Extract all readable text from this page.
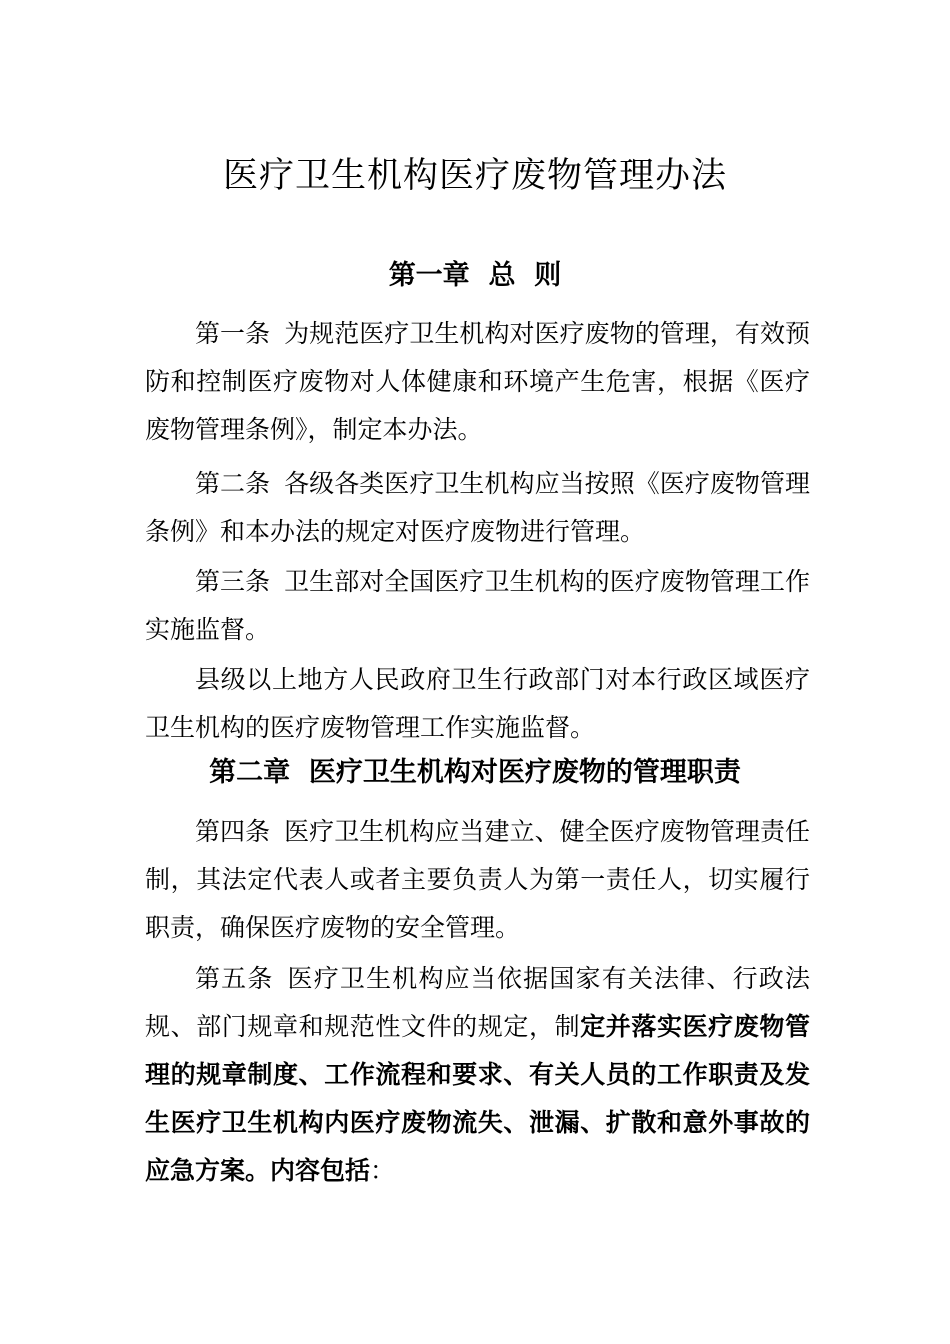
医疗卫生机构医疗废物管理办法
第一章  总  则

第一条 为规范医疗卫生机构对医疗废物的管理，有效预防和控制医疗废物对人体健康和环境产生危害，根据《医疗废物管理条例》，制定本办法。

第二条 各级各类医疗卫生机构应当按照《医疗废物管理条例》和本办法的规定对医疗废物进行管理。

第三条 卫生部对全国医疗卫生机构的医疗废物管理工作实施监督。

县级以上地方人民政府卫生行政部门对本行政区域医疗卫生机构的医疗废物管理工作实施监督。

第二章  医疗卫生机构对医疗废物的管理职责

第四条 医疗卫生机构应当建立、健全医疗废物管理责任制，其法定代表人或者主要负责人为第一责任人，切实履行职责，确保医疗废物的安全管理。

第五条 医疗卫生机构应当依据国家有关法律、行政法规、部门规章和规范性文件的规定，制定并落实医疗废物管理的规章制度、工作流程和要求、有关人员的工作职责及发生医疗卫生机构内医疗废物流失、泄漏、扩散和意外事故的应急方案。内容包括：
